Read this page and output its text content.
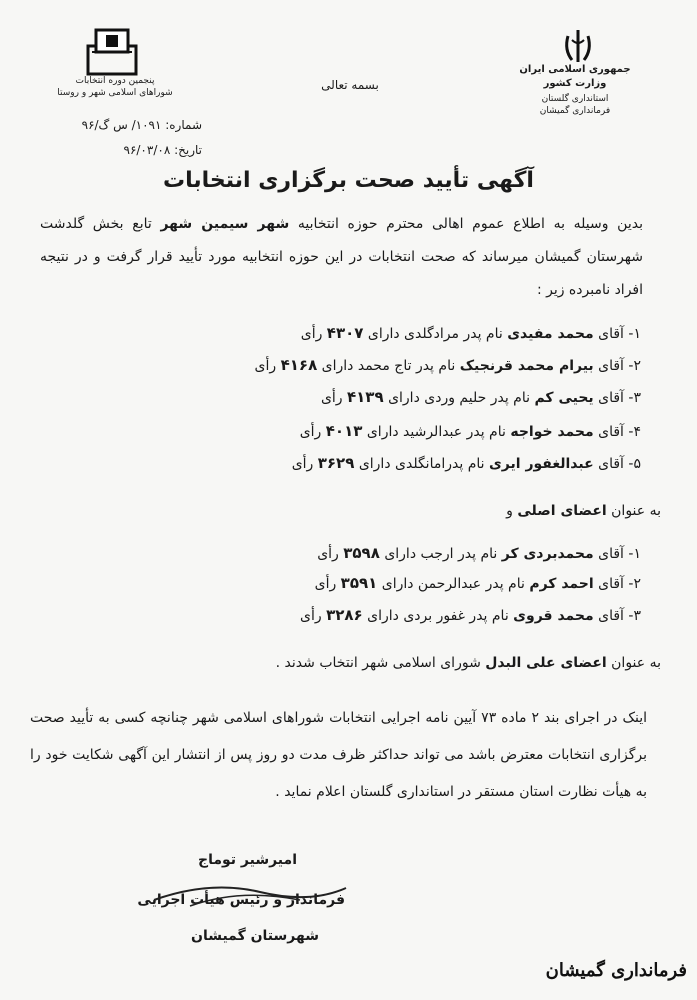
پنجمین دوره انتخابات
شوراهای اسلامی شهر و روستا
شماره: ۱۰۹۱/ س گ/۹۶
تاریخ: ۹۶/۰۳/۰۸
بسمه تعالی
جمهوری اسلامی ایران
وزارت کشور
استانداری گلستان
فرمانداری گمیشان
آگهی تأیید صحت برگزاری انتخابات
بدین وسیله به اطلاع عموم اهالی محترم حوزه انتخابیه شهر سیمین شهر تابع بخش گلدشت شهرستان گمیشان میرساند که صحت انتخابات در این حوزه انتخابیه مورد تأیید قرار گرفت و در نتیجه افراد نامبرده زیر :
۱- آقای محمد مفیدی نام پدر مرادگلدی دارای ۴۳۰۷ رأی
۲- آقای بیرام محمد قرنجیک نام پدر تاج محمد دارای ۴۱۶۸ رأی
۳- آقای یحیی کم نام پدر حلیم وردی دارای ۴۱۳۹ رأی
۴- آقای محمد خواجه نام پدر عبدالرشید دارای ۴۰۱۳ رأی
۵- آقای عبدالغفور ایری نام پدرامانگلدی دارای ۳۶۲۹ رأی
به عنوان اعضای اصلی و
۱- آقای محمدبردی کر نام پدر ارجب دارای ۳۵۹۸ رأی
۲- آقای احمد کرم نام پدر عبدالرحمن دارای ۳۵۹۱ رأی
۳- آقای محمد قروی نام پدر غفور بردی دارای ۳۲۸۶ رأی
به عنوان اعضای علی البدل شورای اسلامی شهر انتخاب شدند .
اینک در اجرای بند ۲ ماده ۷۳ آیین نامه اجرایی انتخابات شوراهای اسلامی شهر چنانچه کسی به تأیید صحت برگزاری انتخابات معترض باشد می تواند حداکثر ظرف مدت دو روز پس از انتشار این آگهی شکایت خود را به هیأت نظارت استان مستقر در استانداری گلستان اعلام نماید .
امیرشیر توماج
فرماندار و رئیس هیأت اجرایی
شهرستان گمیشان
فرمانداری گمیشان
